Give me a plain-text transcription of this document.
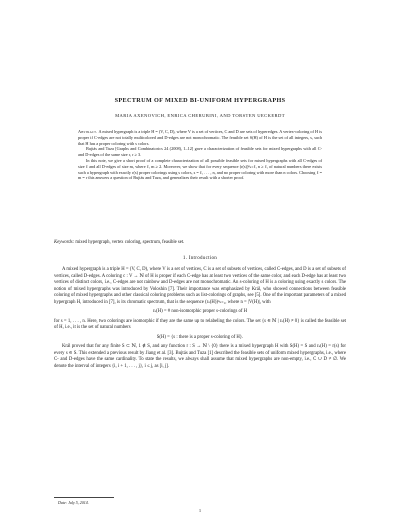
SPECTRUM OF MIXED BI-UNIFORM HYPERGRAPHS
MARIA AXENOVICH, ENRICA CHERUBINI, AND TORSTEN UECKERDT

Abstract. A mixed hypergraph is a triple H = (V, C, D), where V is a set of vertices, C and D are sets of hyperedges. A vertex-coloring of H is proper if C-edges are not totally multicolored and D-edges are not monochromatic. The feasible set S(H) of H is the set of all integers, s, such that H has a proper coloring with s colors.

Bujtás and Tuza [Graphs and Combinatorics 24 (2008), 1–12] gave a characterization of feasible sets for mixed hypergraphs with all C- and D-edges of the same size r, r ≥ 3.

In this note, we give a short proof of a complete characterization of all possible feasible sets for mixed hypergraphs with all C-edges of size ℓ and all D-edges of size m, where ℓ, m ≥ 2. Moreover, we show that for every sequence (r(s))ⁿₛ₌ℓ, n ≥ ℓ, of natural numbers there exists such a hypergraph with exactly r(s) proper colorings using s colors, s = ℓ, . . . , n, and no proper coloring with more than n colors. Choosing ℓ = m = r this answers a question of Bujtás and Tuza, and generalizes their result with a shorter proof.

Keywords: mixed hypergraph, vertex coloring, spectrum, feasible set.
1. Introduction

A mixed hypergraph is a triple H = (V, C, D), where V is a set of vertices, C is a set of subsets of vertices, called C-edges, and D is a set of subsets of vertices, called D-edges. A coloring c : V → ℕ of H is proper if each C-edge has at least two vertices of the same color, and each D-edge has at least two vertices of distinct colors, i.e., C-edges are not rainbow and D-edges are not monochromatic. An s-coloring of H is a coloring using exactly s colors. The notion of mixed hypergraphs was introduced by Voloshin [7]. Their importance was emphasized by Král, who showed connections between feasible coloring of mixed hypergraphs and other classical coloring problems such as list-colorings of graphs, see [5]. One of the important parameters of a mixed hypergraph H, introduced in [7], is its chromatic spectrum, that is the sequence (rₛ(H))ⁿₛ₌₁, where n = |V(H)|, with

rₛ(H) = # non-isomorphic proper s-colorings of H

for s = 1, . . . , n. Here, two colorings are isomorphic if they are the same up to relabeling the colors. The set {s ∈ ℕ | rₛ(H) ≠ 0} is called the feasible set of H, i.e., it is the set of natural numbers

S(H) = {s : there is a proper s-coloring of H}.

Král proved that for any finite S ⊂ ℕ, 1 ∉ S, and any function r : S → ℕ \ {0} there is a mixed hypergraph H with S(H) = S and rₛ(H) = r(s) for every s ∈ S. This extended a previous result by Jiang et al. [3]. Bujtás and Tuza [1] described the feasible sets of uniform mixed hypergraphs, i.e., where C- and D-edges have the same cardinality. To state the results, we always shall assume that mixed hypergraphs are non-empty, i.e., C ∪ D ≠ ∅. We denote the interval of integers {i, i + 1, . . . , j}, i ≤ j, as [i, j].

Date: July 5, 2014.
1
